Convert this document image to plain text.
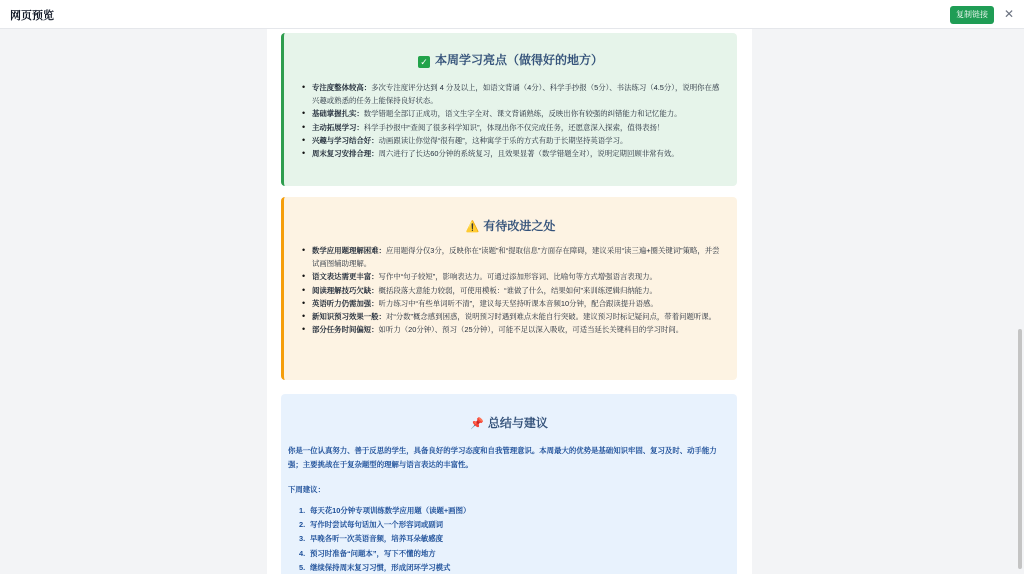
网页预览	复制链接	✕
✓ 本周学习亮点（做得好的地方）
• 专注度整体较高：多次专注度评分达到 4 分及以上，如语文背诵（4分）、科学手抄报（5分）、书法练习（4.5分），说明你在感兴趣或熟悉的任务上能保持良好状态。
• 基础掌握扎实：数学错题全部订正成功，语文生字全对、课文背诵熟练，反映出你有较强的纠错能力和记忆能力。
• 主动拓展学习：科学手抄报中“查阅了很多科学知识”，体现出你不仅完成任务，还愿意深入探索，值得表扬！
• 兴趣与学习结合好：动画跟读让你觉得“很有趣”，这种寓学于乐的方式有助于长期坚持英语学习。
• 周末复习安排合理：周六进行了长达60分钟的系统复习，且效果显著（数学错题全对），说明定期回顾非常有效。
⚠️ 有待改进之处
• 数学应用题理解困难：应用题得分仅3分，反映你在“读题”和“提取信息”方面存在障碍，建议采用“读三遍+圈关键词”策略，并尝试画图辅助理解。
• 语文表达需更丰富：写作中“句子较短”，影响表达力。可通过添加形容词、比喻句等方式增强语言表现力。
• 阅读理解技巧欠缺：概括段落大意能力较弱，可使用模板：“谁做了什么，结果如何”来训练逻辑归纳能力。
• 英语听力仍需加强：听力练习中“有些单词听不清”，建议每天坚持听课本音频10分钟，配合跟读提升语感。
• 新知识预习效果一般：对“分数”概念感到困惑，说明预习时遇到难点未能自行突破。建议预习时标记疑问点，带着问题听课。
• 部分任务时间偏短：如听力（20分钟）、预习（25分钟），可能不足以深入吸收，可适当延长关键科目的学习时间。
📌 总结与建议

你是一位认真努力、善于反思的学生，具备良好的学习态度和自我管理意识。本周最大的优势是基础知识牢固、复习及时、动手能力强；主要挑战在于复杂题型的理解与语言表达的丰富性。

下周建议：
1. 每天花10分钟专项训练数学应用题（读题+画图）
2. 写作时尝试每句话加入一个形容词或副词
3. 早晚各听一次英语音频，培养耳朵敏感度
4. 预习时准备“问题本”，写下不懂的地方
5. 继续保持周末复习习惯，形成闭环学习模式
